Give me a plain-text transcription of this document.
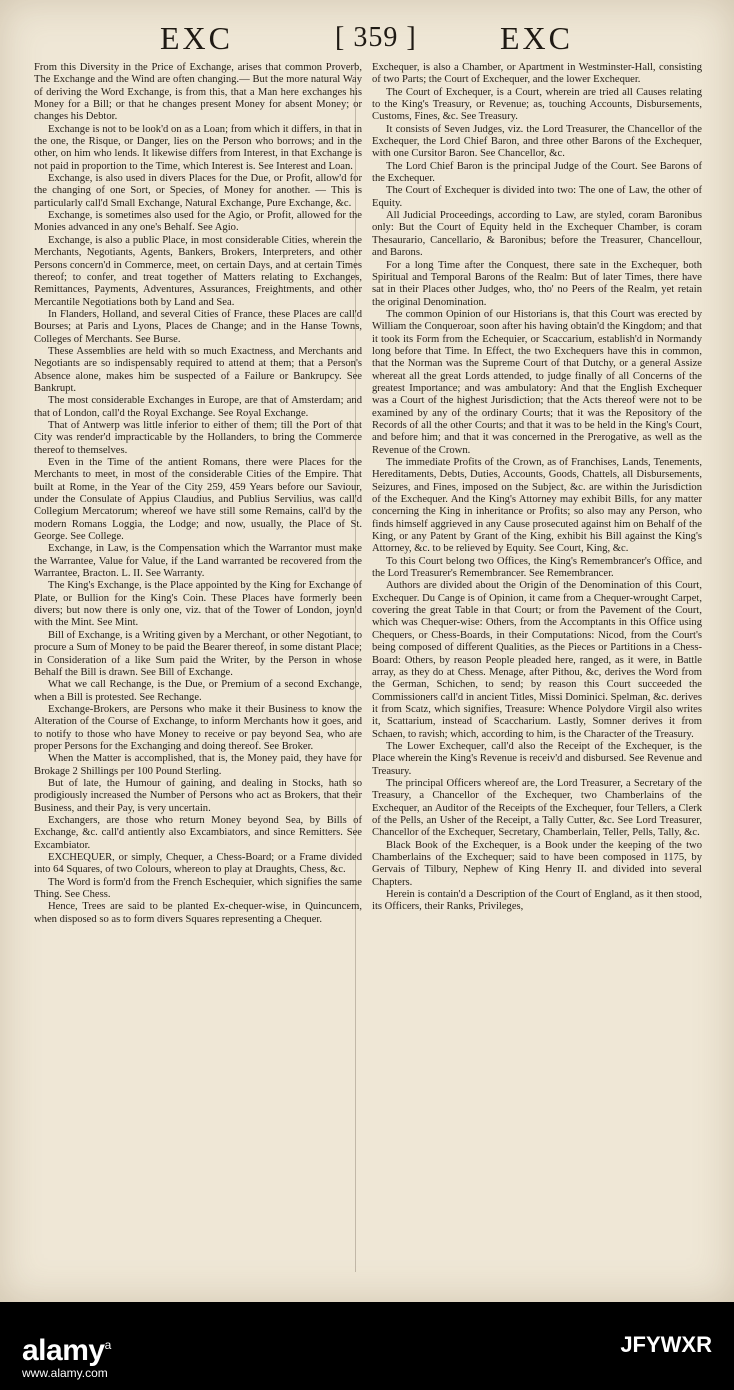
EXC	[ 359 ]	EXC

From this Diversity in the Price of Exchange, arises that common Proverb, The Exchange and the Wind are often changing.— But the more natural Way of deriving the Word Exchange, is from this, that a Man here exchanges his Money for a Bill; or that he changes present Money for absent Money; or changes his Debtor.

Exchange is not to be look'd on as a Loan; from which it differs, in that in the one, the Risque, or Danger, lies on the Person who borrows; and in the other, on him who lends. It likewise differs from Interest, in that Exchange is not paid in proportion to the Time, which Interest is. See Interest and Loan.

Exchange, is also used in divers Places for the Due, or Profit, allow'd for the changing of one Sort, or Species, of Money for another. — This is particularly call'd Small Exchange, Natural Exchange, Pure Exchange, &c.

Exchange, is sometimes also used for the Agio, or Profit, allowed for the Monies advanced in any one's Behalf. See Agio.

Exchange, is also a public Place, in most considerable Cities, wherein the Merchants, Negotiants, Agents, Bankers, Brokers, Interpreters, and other Persons concern'd in Commerce, meet, on certain Days, and at certain Times thereof; to confer, and treat together of Matters relating to Exchanges, Remittances, Payments, Adventures, Assurances, Freightments, and other Mercantile Negotiations both by Land and Sea.

In Flanders, Holland, and several Cities of France, these Places are call'd Bourses; at Paris and Lyons, Places de Change; and in the Hanse Towns, Colleges of Merchants. See Burse.

These Assemblies are held with so much Exactness, and Merchants and Negotiants are so indispensably required to attend at them; that a Person's Absence alone, makes him be suspected of a Failure or Bankrupcy. See Bankrupt.

The most considerable Exchanges in Europe, are that of Amsterdam; and that of London, call'd the Royal Exchange. See Royal Exchange.

That of Antwerp was little inferior to either of them; till the Port of that City was render'd impracticable by the Hollanders, to bring the Commerce thereof to themselves.

Even in the Time of the antient Romans, there were Places for the Merchants to meet, in most of the considerable Cities of the Empire. That built at Rome, in the Year of the City 259, 459 Years before our Saviour, under the Consulate of Appius Claudius, and Publius Servilius, was call'd Collegium Mercatorum; whereof we have still some Remains, call'd by the modern Romans Loggia, the Lodge; and now, usually, the Place of St. George. See College.

Exchange, in Law, is the Compensation which the Warrantor must make the Warrantee, Value for Value, if the Land warranted be recovered from the Warrantee, Bracton. L. II. See Warranty.

The King's Exchange, is the Place appointed by the King for Exchange of Plate, or Bullion for the King's Coin. These Places have formerly been divers; but now there is only one, viz. that of the Tower of London, joyn'd with the Mint. See Mint.

Bill of Exchange, is a Writing given by a Merchant, or other Negotiant, to procure a Sum of Money to be paid the Bearer thereof, in some distant Place; in Consideration of a like Sum paid the Writer, by the Person in whose Behalf the Bill is drawn. See Bill of Exchange.

What we call Rechange, is the Due, or Premium of a second Exchange, when a Bill is protested. See Rechange.

Exchange-Brokers, are Persons who make it their Business to know the Alteration of the Course of Exchange, to inform Merchants how it goes, and to notify to those who have Money to receive or pay beyond Sea, who are proper Persons for the Exchanging and doing thereof. See Broker.

When the Matter is accomplished, that is, the Money paid, they have for Brokage 2 Shillings per 100 Pound Sterling.

But of late, the Humour of gaining, and dealing in Stocks, hath so prodigiously increased the Number of Persons who act as Brokers, that their Business, and their Pay, is very uncertain.

Exchangers, are those who return Money beyond Sea, by Bills of Exchange, &c. call'd antiently also Excambiators, and since Remitters. See Excambiator.

EXCHEQUER, or simply, Chequer, a Chess-Board; or a Frame divided into 64 Squares, of two Colours, whereon to play at Draughts, Chess, &c.

The Word is form'd from the French Eschequier, which signifies the same Thing. See Chess.

Hence, Trees are said to be planted Ex-chequer-wise, in Quincuncem, when disposed so as to form divers Squares representing a Chequer.

Exchequer, is also a Chamber, or Apartment in Westminster-Hall, consisting of two Parts; the Court of Exchequer, and the lower Exchequer.

The Court of Exchequer, is a Court, wherein are tried all Causes relating to the King's Treasury, or Revenue; as, touching Accounts, Disbursements, Customs, Fines, &c. See Treasury.

It consists of Seven Judges, viz. the Lord Treasurer, the Chancellor of the Exchequer, the Lord Chief Baron, and three other Barons of the Exchequer, with one Cursitor Baron. See Chancellor, &c.

The Lord Chief Baron is the principal Judge of the Court. See Barons of the Exchequer.

The Court of Exchequer is divided into two: The one of Law, the other of Equity.

All Judicial Proceedings, according to Law, are styled, coram Baronibus only: But the Court of Equity held in the Exchequer Chamber, is coram Thesaurario, Cancellario, & Baronibus; before the Treasurer, Chancellour, and Barons.

For a long Time after the Conquest, there sate in the Exchequer, both Spiritual and Temporal Barons of the Realm: But of later Times, there have sat in their Places other Judges, who, tho' no Peers of the Realm, yet retain the original Denomination.

The common Opinion of our Historians is, that this Court was erected by William the Conqueroar, soon after his having obtain'd the Kingdom; and that it took its Form from the Echequier, or Scaccarium, establish'd in Normandy long before that Time. In Effect, the two Exchequers have this in common, that the Norman was the Supreme Court of that Dutchy, or a general Assize whereat all the great Lords attended, to judge finally of all Concerns of the greatest Importance; and was ambulatory: And that the English Exchequer was a Court of the highest Jurisdiction; that the Acts thereof were not to be examined by any of the ordinary Courts; that it was the Repository of the Records of all the other Courts; and that it was to be held in the King's Court, and before him; and that it was concerned in the Prerogative, as well as the Revenue of the Crown.

The immediate Profits of the Crown, as of Franchises, Lands, Tenements, Hereditaments, Debts, Duties, Accounts, Goods, Chattels, all Disbursements, Seizures, and Fines, imposed on the Subject, &c. are within the Jurisdiction of the Exchequer. And the King's Attorney may exhibit Bills, for any matter concerning the King in inheritance or Profits; so also may any Person, who finds himself aggrieved in any Cause prosecuted against him on Behalf of the King, or any Patent by Grant of the King, exhibit his Bill against the King's Attorney, &c. to be relieved by Equity. See Court, King, &c.

To this Court belong two Offices, the King's Remembrancer's Office, and the Lord Treasurer's Remembrancer. See Remembrancer.

Authors are divided about the Origin of the Denomination of this Court, Exchequer. Du Cange is of Opinion, it came from a Chequer-wrought Carpet, covering the great Table in that Court; or from the Pavement of the Court, which was Chequer-wise: Others, from the Accomptants in this Office using Chequers, or Chess-Boards, in their Computations: Nicod, from the Court's being composed of different Qualities, as the Pieces or Partitions in a Chess-Board: Others, by reason People pleaded here, ranged, as it were, in Battle array, as they do at Chess. Menage, after Pithou, &c, derives the Word from the German, Schichen, to send; by reason this Court succeeded the Commissioners call'd in ancient Titles, Missi Dominici. Spelman, &c. derives it from Scatz, which signifies, Treasure: Whence Polydore Virgil also writes it, Scattarium, instead of Scaccharium. Lastly, Somner derives it from Schaen, to ravish; which, according to him, is the Character of the Treasury.

The Lower Exchequer, call'd also the Receipt of the Exchequer, is the Place wherein the King's Revenue is receiv'd and disbursed. See Revenue and Treasury.

The principal Officers whereof are, the Lord Treasurer, a Secretary of the Treasury, a Chancellor of the Exchequer, two Chamberlains of the Exchequer, an Auditor of the Receipts of the Exchequer, four Tellers, a Clerk of the Pells, an Usher of the Receipt, a Tally Cutter, &c. See Lord Treasurer, Chancellor of the Exchequer, Secretary, Chamberlain, Teller, Pells, Tally, &c.

Black Book of the Exchequer, is a Book under the keeping of the two Chamberlains of the Exchequer; said to have been composed in 1175, by Gervais of Tilbury, Nephew of King Henry II. and divided into several Chapters.

Herein is contain'd a Description of the Court of England, as it then stood, its Officers, their Ranks, Privileges,

alamy$^a$	JFYWXR
www.alamy.com
